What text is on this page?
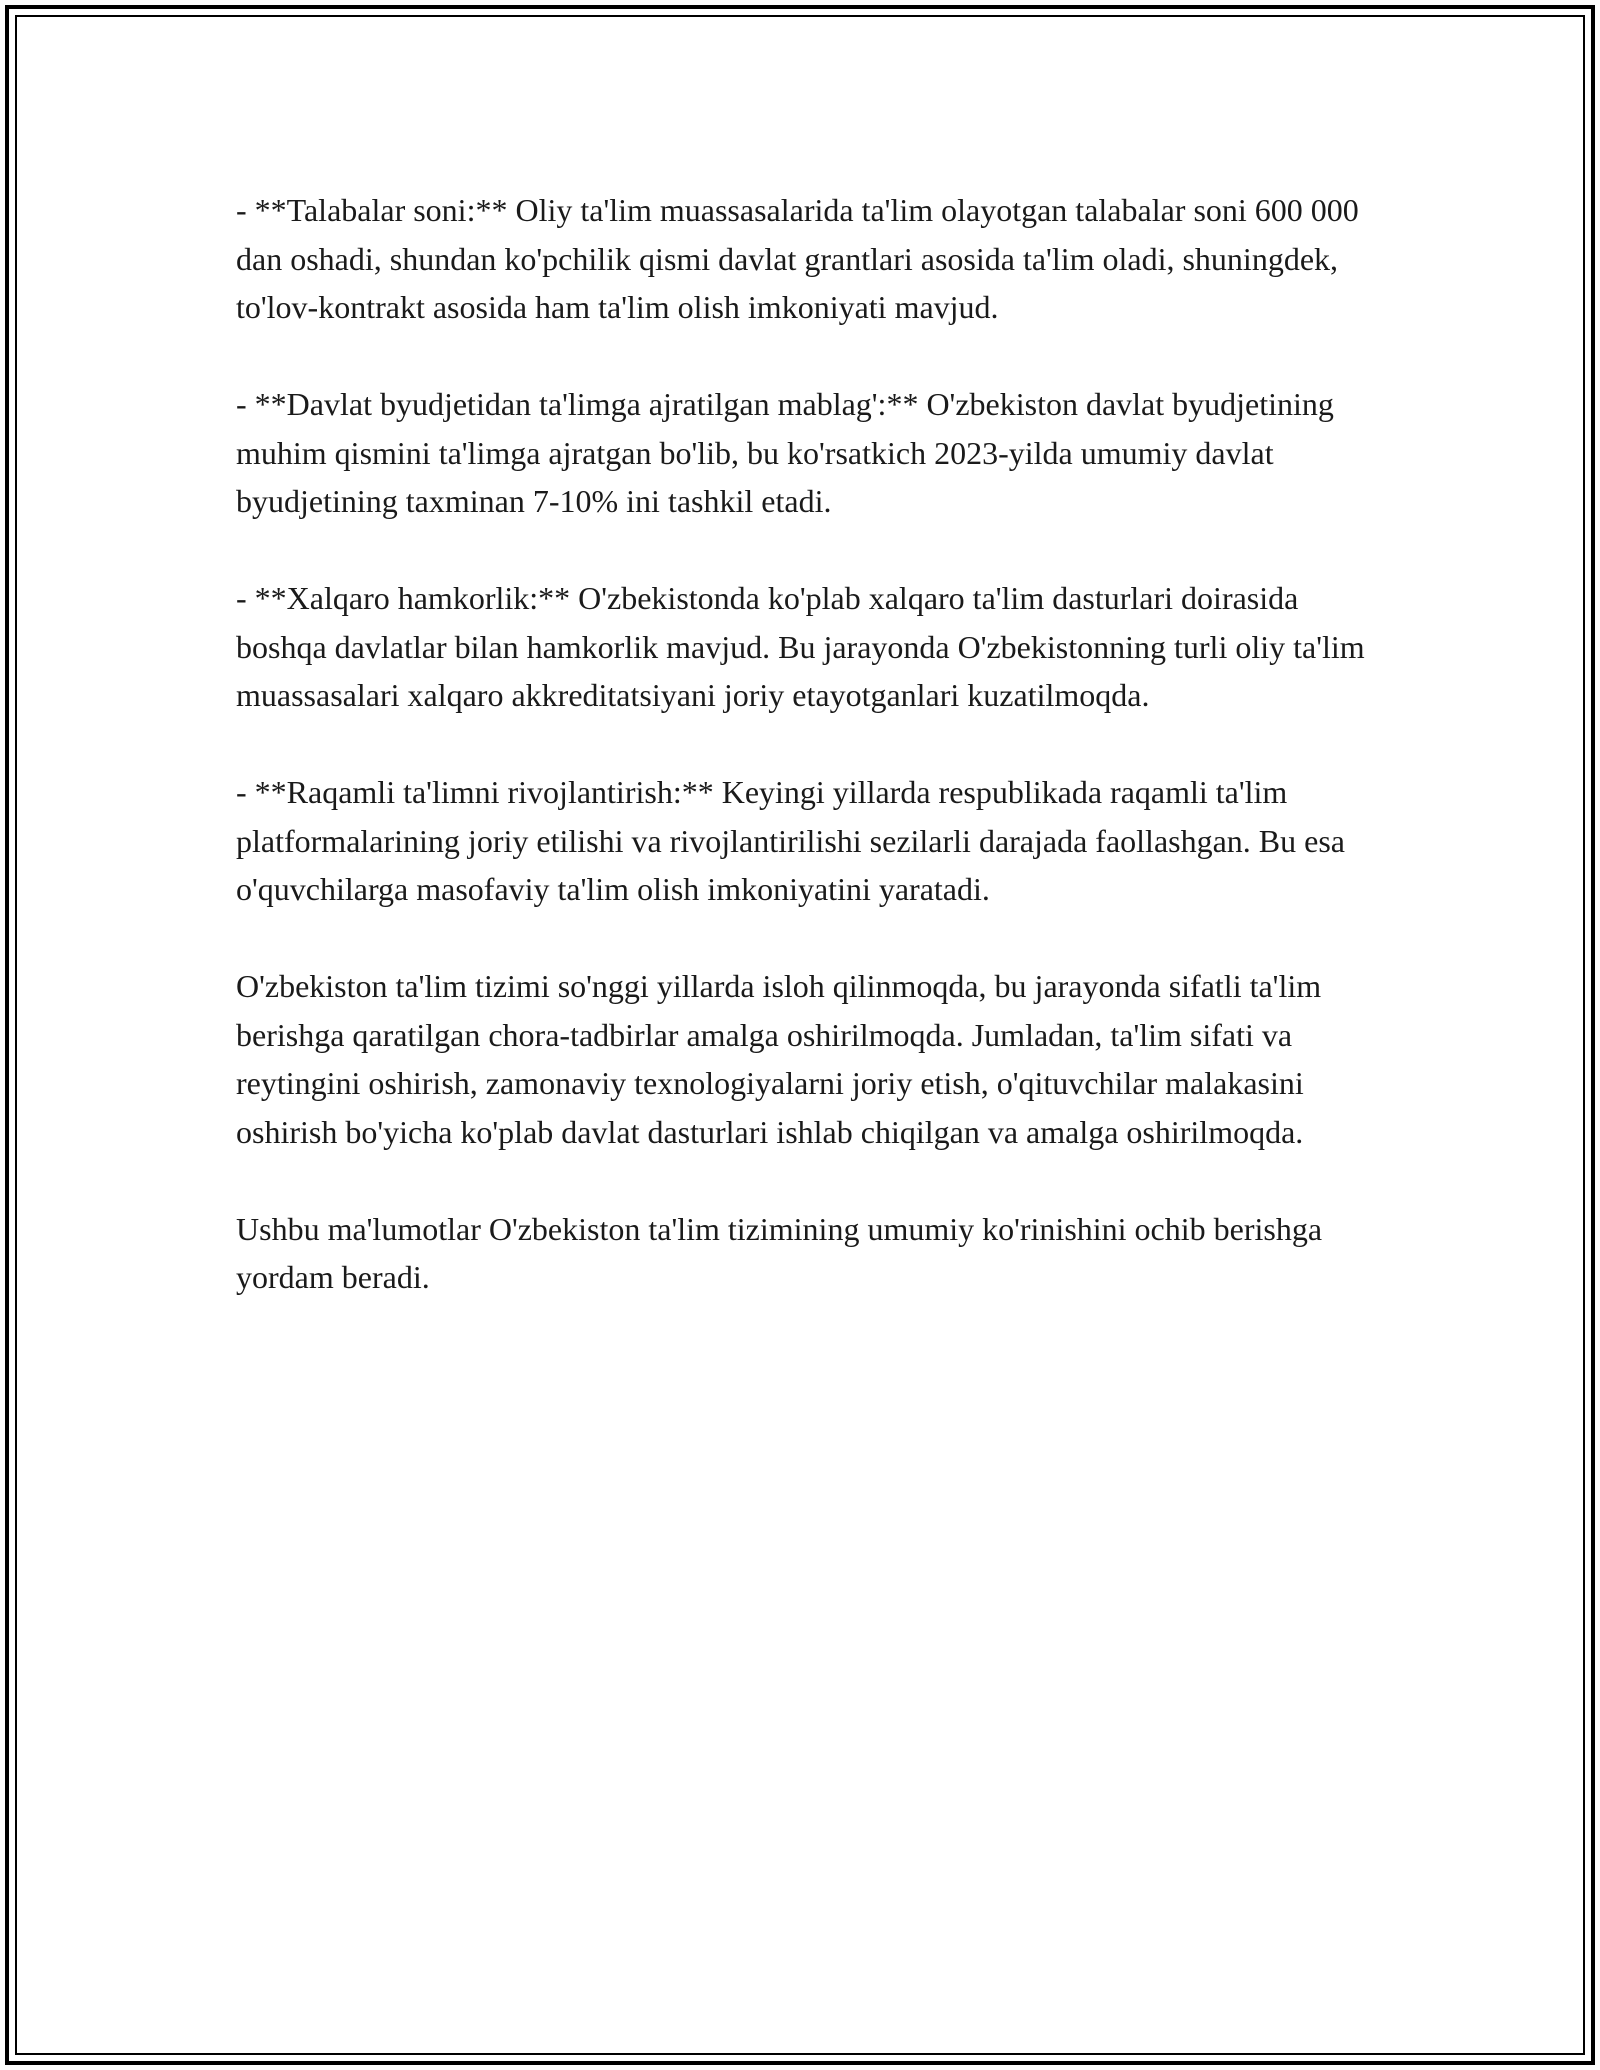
- **Talabalar soni:** Oliy ta'lim muassasalarida ta'lim olayotgan talabalar soni 600 000 dan oshadi, shundan ko'pchilik qismi davlat grantlari asosida ta'lim oladi, shuningdek, to'lov-kontrakt asosida ham ta'lim olish imkoniyati mavjud.

- **Davlat byudjetidan ta'limga ajratilgan mablag':** O'zbekiston davlat byudjetining muhim qismini ta'limga ajratgan bo'lib, bu ko'rsatkich 2023-yilda umumiy davlat byudjetining taxminan 7-10% ini tashkil etadi.

- **Xalqaro hamkorlik:** O'zbekistonda ko'plab xalqaro ta'lim dasturlari doirasida boshqa davlatlar bilan hamkorlik mavjud. Bu jarayonda O'zbekistonning turli oliy ta'lim muassasalari xalqaro akkreditatsiyani joriy etayotganlari kuzatilmoqda.

- **Raqamli ta'limni rivojlantirish:** Keyingi yillarda respublikada raqamli ta'lim platformalarining joriy etilishi va rivojlantirilishi sezilarli darajada faollashgan. Bu esa o'quvchilarga masofaviy ta'lim olish imkoniyatini yaratadi.

O'zbekiston ta'lim tizimi so'nggi yillarda isloh qilinmoqda, bu jarayonda sifatli ta'lim berishga qaratilgan chora-tadbirlar amalga oshirilmoqda. Jumladan, ta'lim sifati va reytingini oshirish, zamonaviy texnologiyalarni joriy etish, o'qituvchilar malakasini oshirish bo'yicha ko'plab davlat dasturlari ishlab chiqilgan va amalga oshirilmoqda.

Ushbu ma'lumotlar O'zbekiston ta'lim tizimining umumiy ko'rinishini ochib berishga yordam beradi.
